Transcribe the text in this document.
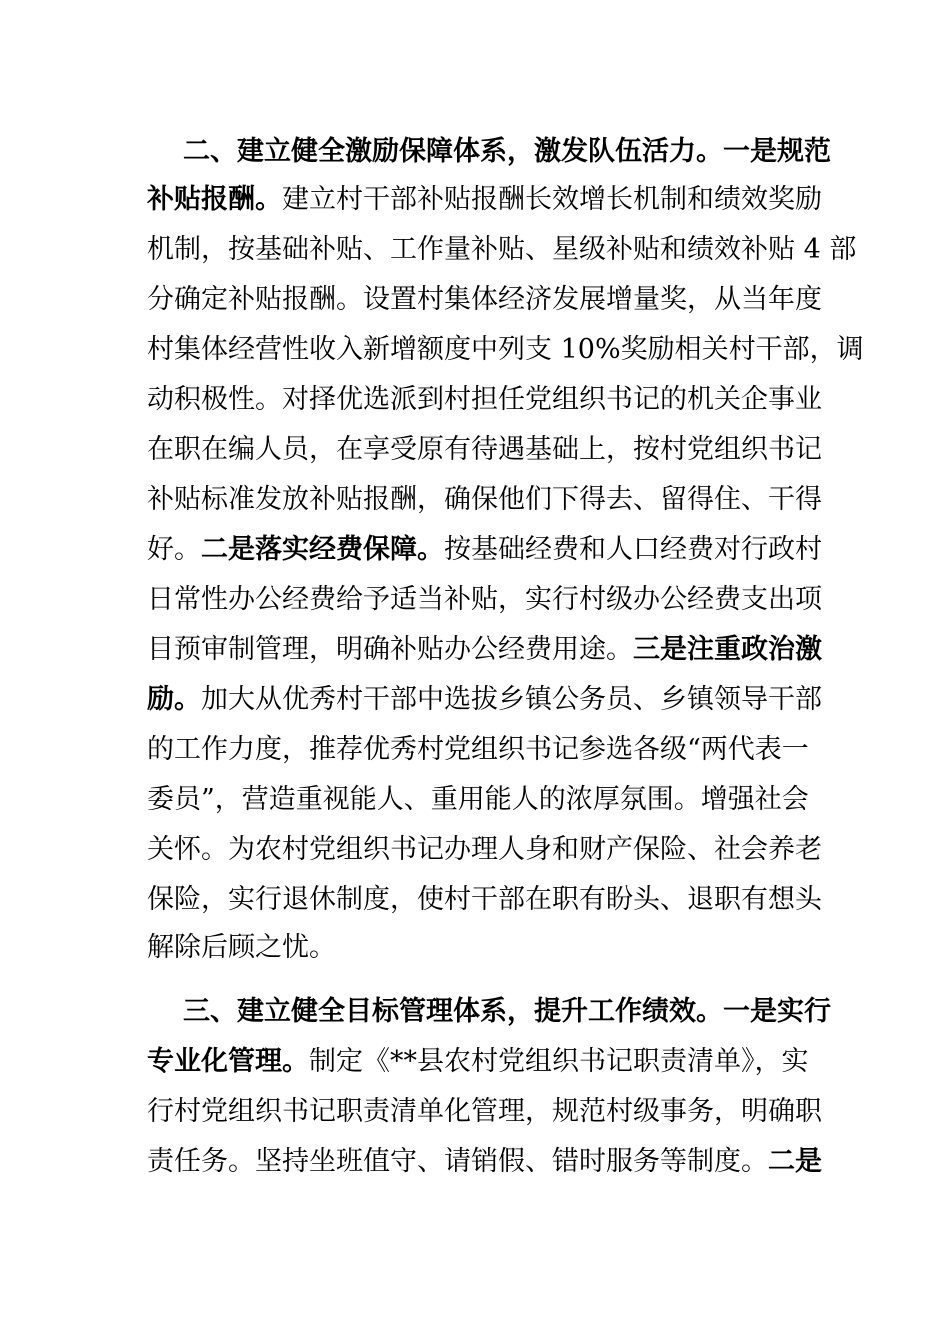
二、建立健全激励保障体系，激发队伍活力。一是规范
补贴报酬。建立村干部补贴报酬长效增长机制和绩效奖励
机制，按基础补贴、工作量补贴、星级补贴和绩效补贴 4 部
分确定补贴报酬。设置村集体经济发展增量奖，从当年度
村集体经营性收入新增额度中列支 10%奖励相关村干部，调
动积极性。对择优选派到村担任党组织书记的机关企事业
在职在编人员，在享受原有待遇基础上，按村党组织书记
补贴标准发放补贴报酬，确保他们下得去、留得住、干得
好。二是落实经费保障。按基础经费和人口经费对行政村
日常性办公经费给予适当补贴，实行村级办公经费支出项
目预审制管理，明确补贴办公经费用途。三是注重政治激
励。加大从优秀村干部中选拔乡镇公务员、乡镇领导干部
的工作力度，推荐优秀村党组织书记参选各级“两代表一
委员”，营造重视能人、重用能人的浓厚氛围。增强社会
关怀。为农村党组织书记办理人身和财产保险、社会养老
保险，实行退休制度，使村干部在职有盼头、退职有想头
解除后顾之忧。
三、建立健全目标管理体系，提升工作绩效。一是实行
专业化管理。制定《**县农村党组织书记职责清单》，实
行村党组织书记职责清单化管理，规范村级事务，明确职
责任务。坚持坐班值守、请销假、错时服务等制度。二是
